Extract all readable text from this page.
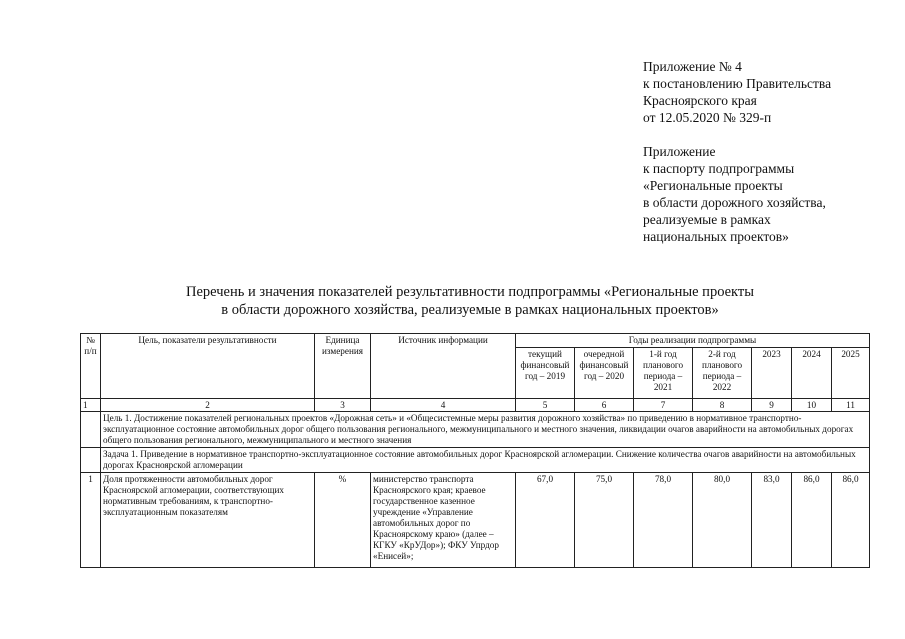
Приложение № 4
к постановлению Правительства
Красноярского края
от 12.05.2020 № 329-п
Приложение
к паспорту подпрограммы
«Региональные проекты
в области дорожного хозяйства,
реализуемые в рамках
национальных проектов»
Перечень и значения показателей результативности подпрограммы «Региональные проекты
в области дорожного хозяйства, реализуемые в рамках национальных проектов»
№ п/п	Цель, показатели результативности	Единица измерения	Источник информации	Годы реализации подпрограммы						
				текущий финансовый год – 2019	очередной финансовый год – 2020	1-й год планового периода – 2021	2-й год планового периода – 2022	2023	2024	2025
1	2	3	4	5	6	7	8	9	10	11
	Цель 1. Достижение показателей региональных проектов «Дорожная сеть» и «Общесистемные меры развития дорожного хозяйства» по приведению в нормативное транспортно-эксплуатационное состояние автомобильных дорог общего пользования регионального, межмуниципального и местного значения, ликвидации очагов аварийности на автомобильных дорогах общего пользования регионального, межмуниципального и местного значения									
	Задача 1. Приведение в нормативное транспортно-эксплуатационное состояние автомобильных дорог Красноярской агломерации. Снижение количества очагов аварийности на автомобильных дорогах Красноярской агломерации									
1	Доля протяженности автомобильных дорог Красноярской агломерации, соответствующих нормативным требованиям, к транспортно-эксплуатационным показателям	%	министерство транспорта Красноярского края; краевое государственное казенное учреждение «Управление автомобильных дорог по Красноярскому краю» (далее – КГКУ «КрУДор»); ФКУ Упрдор «Енисей»;	67,0	75,0	78,0	80,0	83,0	86,0	86,0
